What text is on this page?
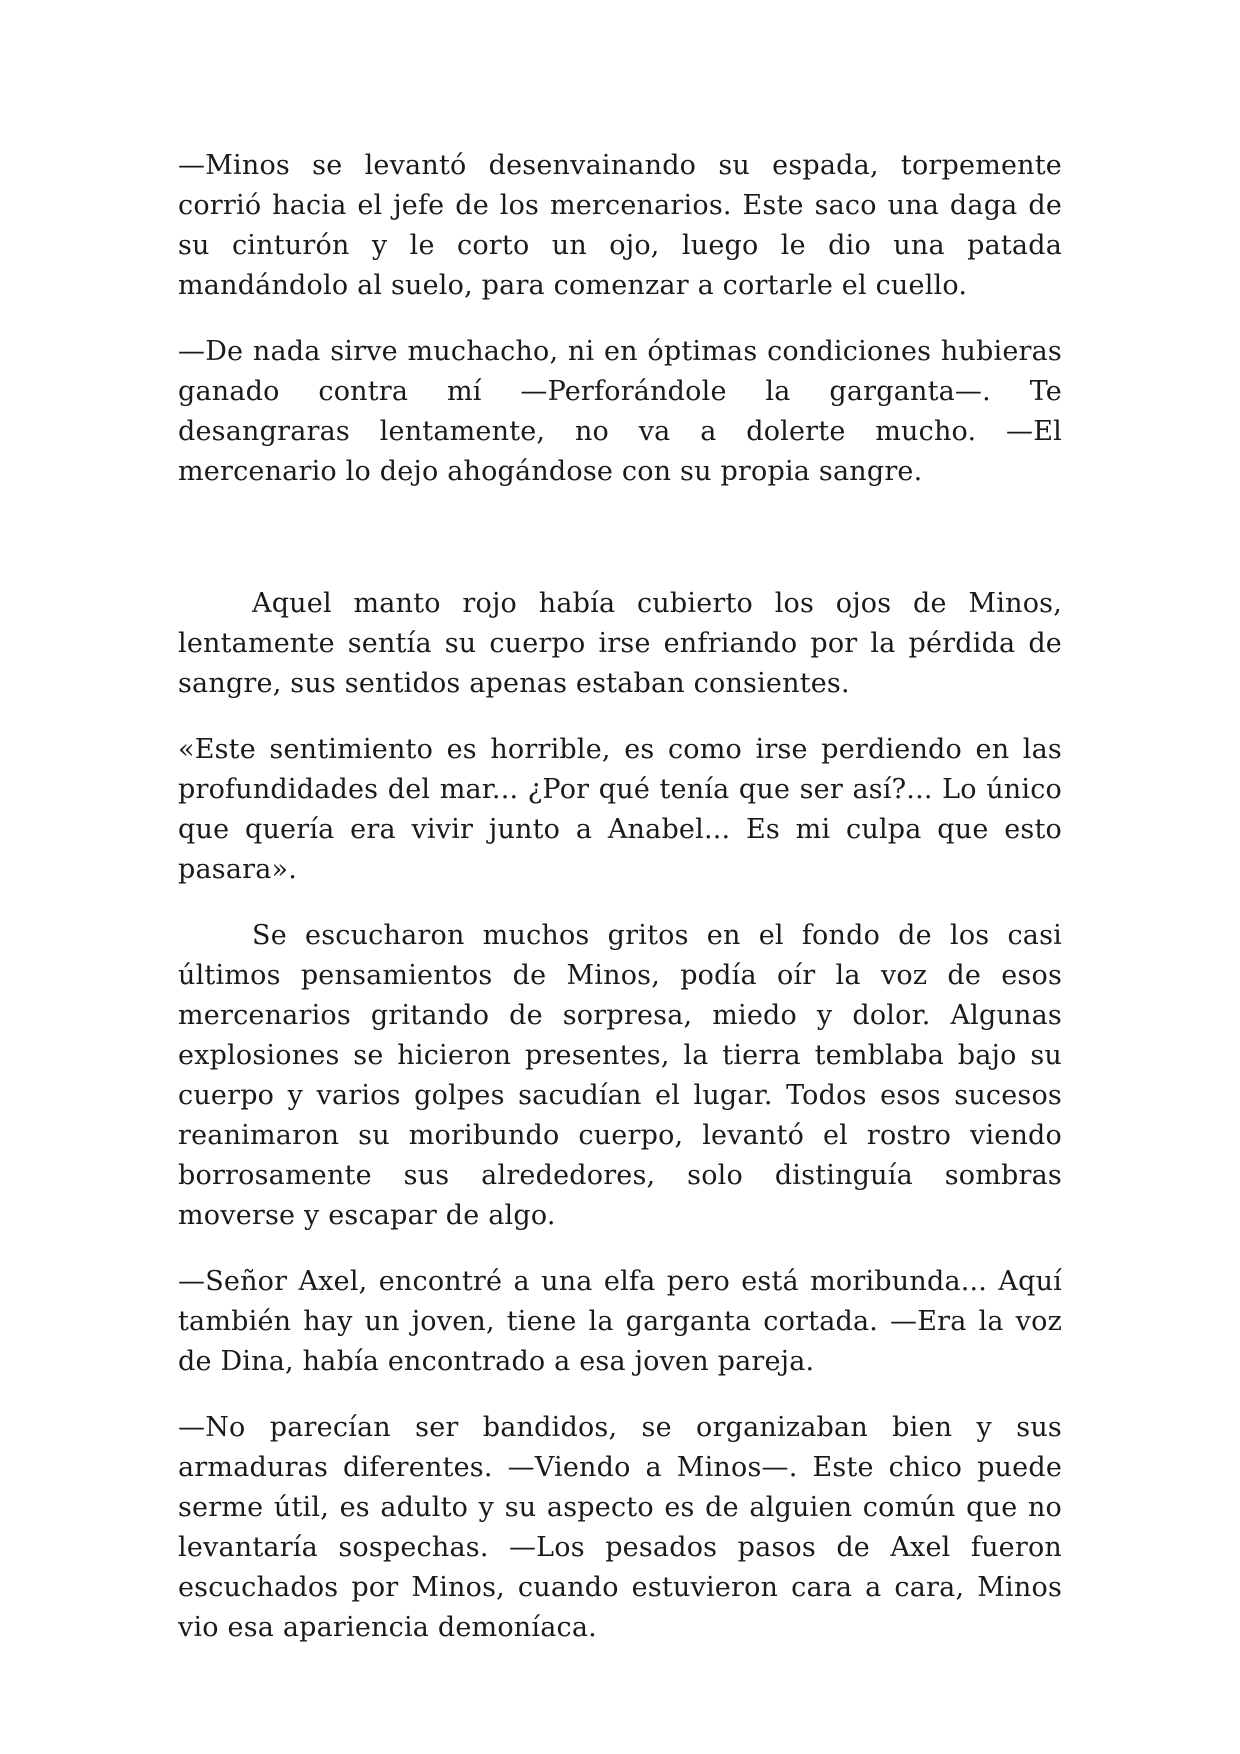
—Minos se levantó desenvainando su espada, torpemente corrió hacia el jefe de los mercenarios. Este saco una daga de su cinturón y le corto un ojo, luego le dio una patada mandándolo al suelo, para comenzar a cortarle el cuello.

—De nada sirve muchacho, ni en óptimas condiciones hubieras ganado contra mí —Perforándole la garganta—. Te desangraras lentamente, no va a dolerte mucho. —El mercenario lo dejo ahogándose con su propia sangre.

Aquel manto rojo había cubierto los ojos de Minos, lentamente sentía su cuerpo irse enfriando por la pérdida de sangre, sus sentidos apenas estaban consientes.

«Este sentimiento es horrible, es como irse perdiendo en las profundidades del mar... ¿Por qué tenía que ser así?... Lo único que quería era vivir junto a Anabel... Es mi culpa que esto pasara».

Se escucharon muchos gritos en el fondo de los casi últimos pensamientos de Minos, podía oír la voz de esos mercenarios gritando de sorpresa, miedo y dolor. Algunas explosiones se hicieron presentes, la tierra temblaba bajo su cuerpo y varios golpes sacudían el lugar. Todos esos sucesos reanimaron su moribundo cuerpo, levantó el rostro viendo borrosamente sus alrededores, solo distinguía sombras moverse y escapar de algo.

—Señor Axel, encontré a una elfa pero está moribunda... Aquí también hay un joven, tiene la garganta cortada. —Era la voz de Dina, había encontrado a esa joven pareja.

—No parecían ser bandidos, se organizaban bien y sus armaduras diferentes. —Viendo a Minos—. Este chico puede serme útil, es adulto y su aspecto es de alguien común que no levantaría sospechas. —Los pesados pasos de Axel fueron escuchados por Minos, cuando estuvieron cara a cara, Minos vio esa apariencia demoníaca.
